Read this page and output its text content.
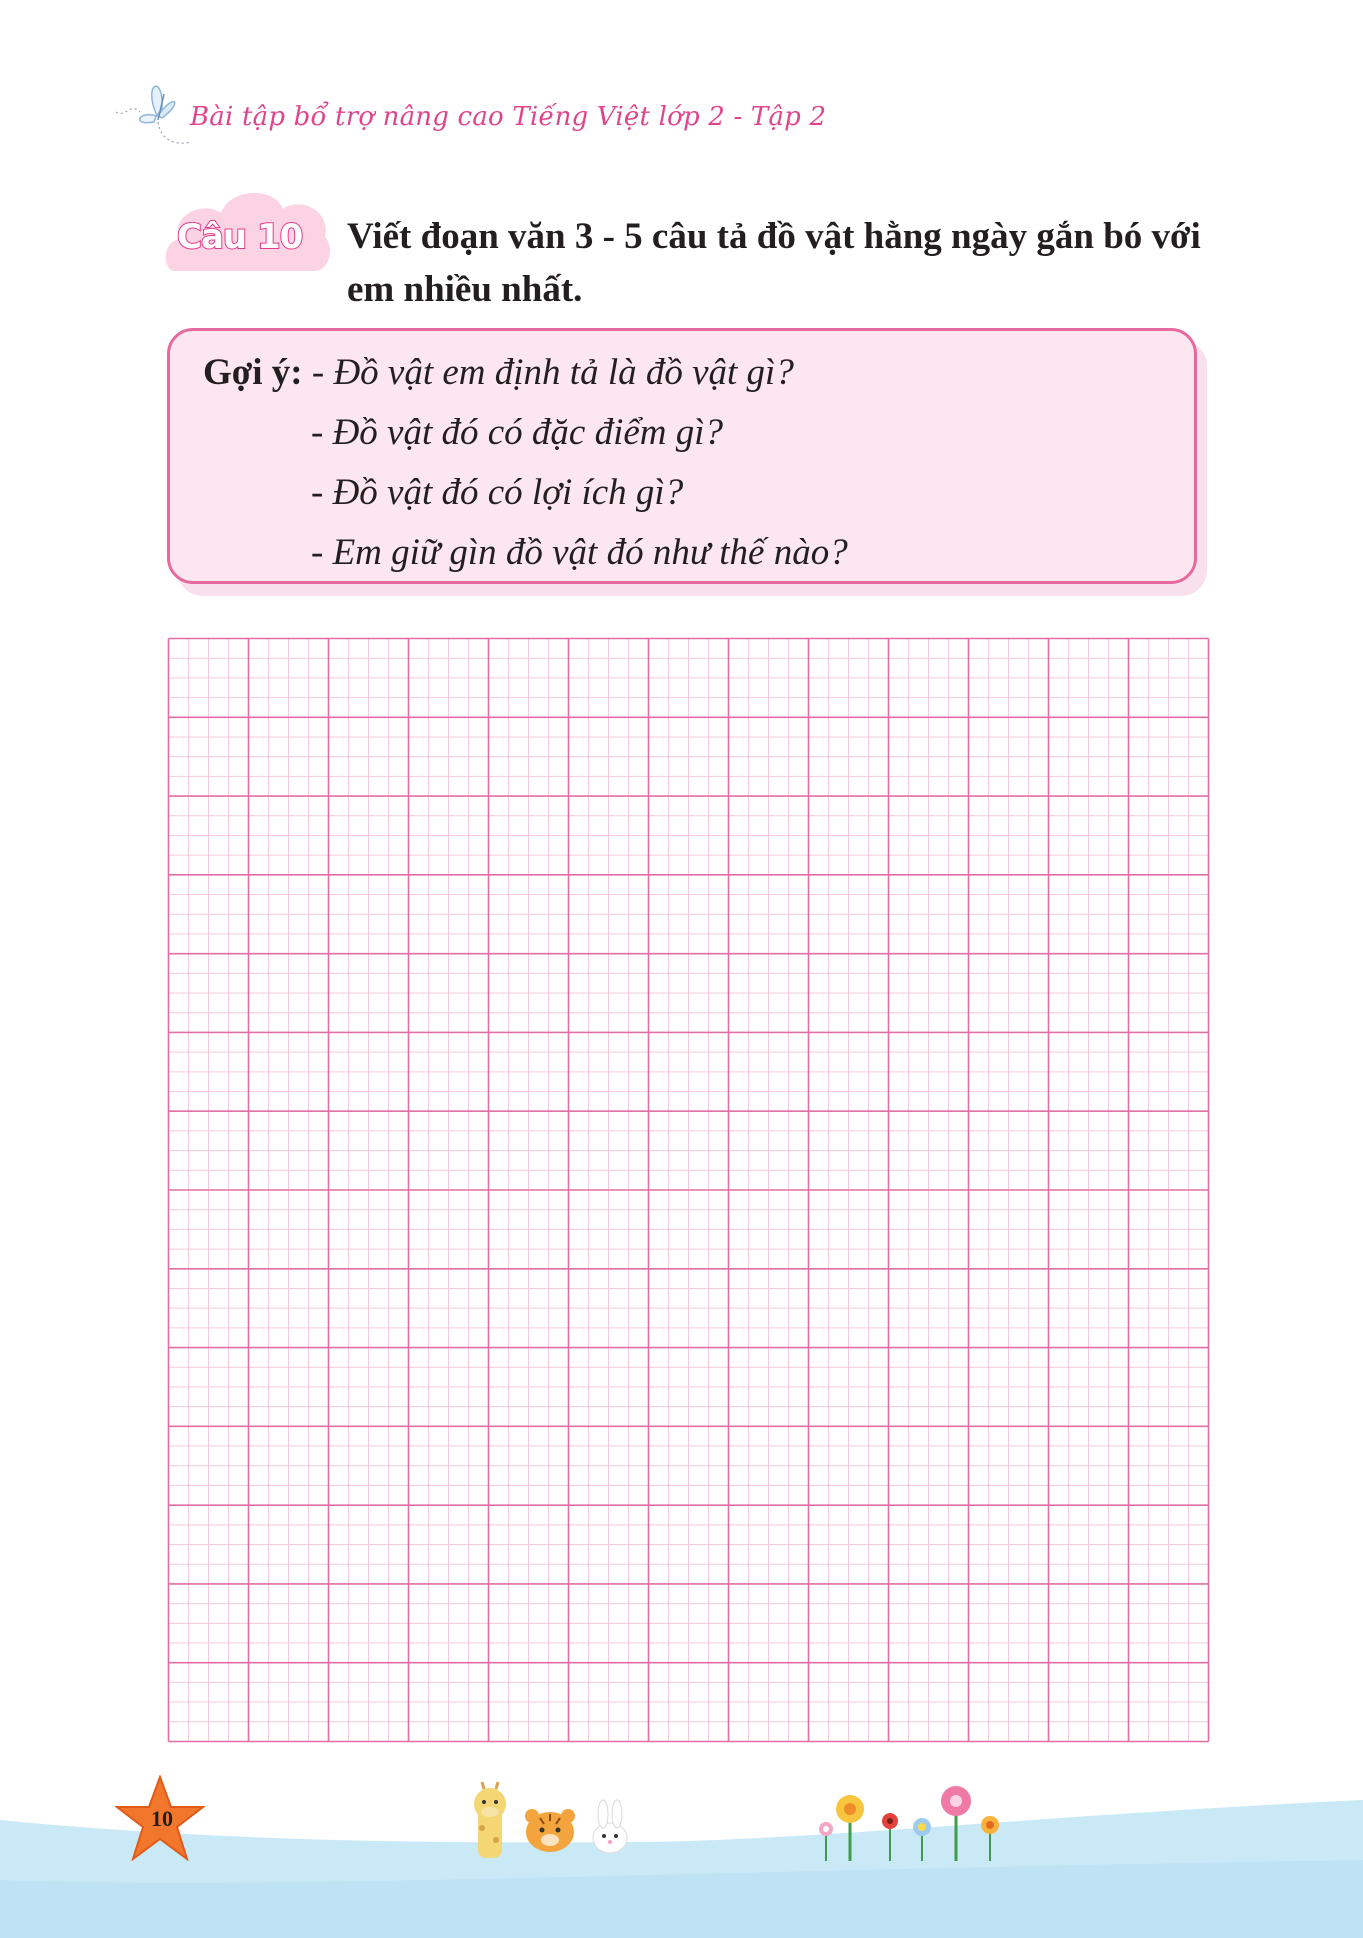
Bài tập bổ trợ nâng cao Tiếng Việt lớp 2 - Tập 2
Câu 10 Viết đoạn văn 3 - 5 câu tả đồ vật hằng ngày gắn bó với
em nhiều nhất.
Gợi ý: - Đồ vật em định tả là đồ vật gì?
- Đồ vật đó có đặc điểm gì?
- Đồ vật đó có lợi ích gì?
- Em giữ gìn đồ vật đó như thế nào?
10
